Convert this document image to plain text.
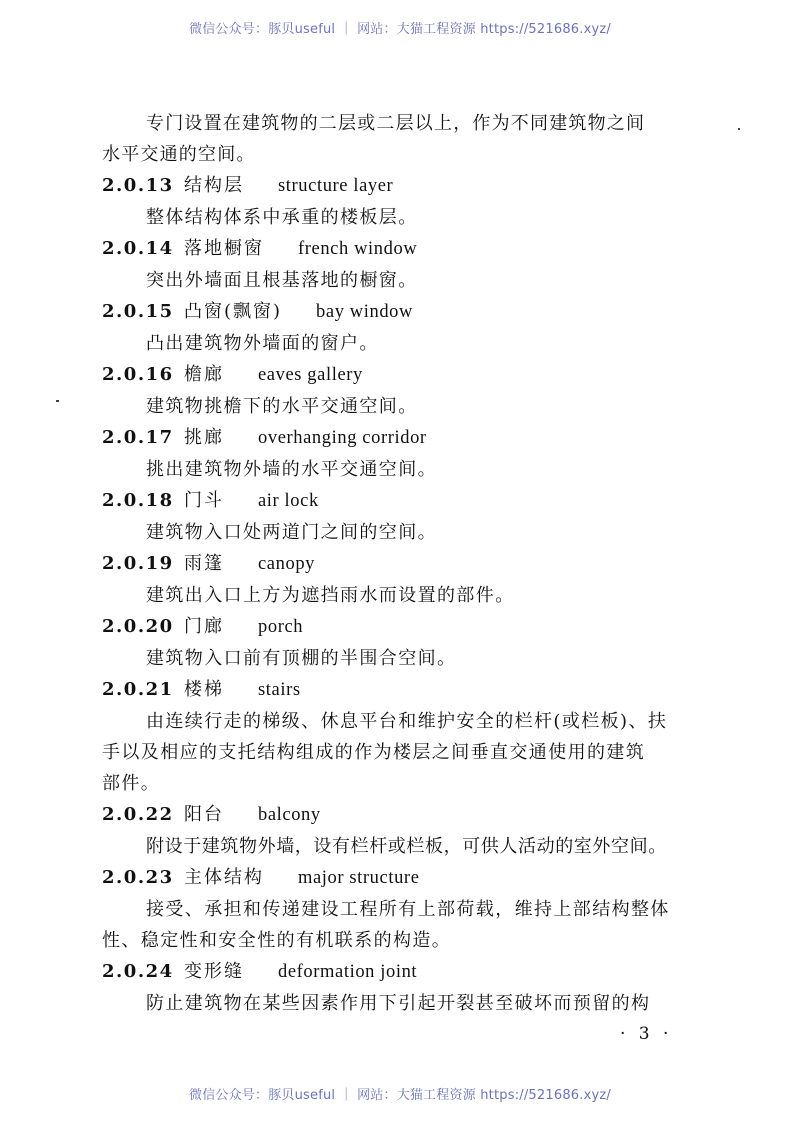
微信公众号：豚贝useful ｜ 网站：大猫工程资源 https://521686.xyz/

专门设置在建筑物的二层或二层以上，作为不同建筑物之间

水平交通的空间。

2.0.13 结构层 structure layer

整体结构体系中承重的楼板层。

2.0.14 落地橱窗 french window

突出外墙面且根基落地的橱窗。

2.0.15 凸窗(飘窗) bay window

凸出建筑物外墙面的窗户。

2.0.16 檐廊 eaves gallery

建筑物挑檐下的水平交通空间。

2.0.17 挑廊 overhanging corridor

挑出建筑物外墙的水平交通空间。

2.0.18 门斗 air lock

建筑物入口处两道门之间的空间。

2.0.19 雨篷 canopy

建筑出入口上方为遮挡雨水而设置的部件。

2.0.20 门廊 porch

建筑物入口前有顶棚的半围合空间。

2.0.21 楼梯 stairs

由连续行走的梯级、休息平台和维护安全的栏杆(或栏板)、扶

手以及相应的支托结构组成的作为楼层之间垂直交通使用的建筑

部件。

2.0.22 阳台 balcony

附设于建筑物外墙，设有栏杆或栏板，可供人活动的室外空间。

2.0.23 主体结构 major structure

接受、承担和传递建设工程所有上部荷载，维持上部结构整体

性、稳定性和安全性的有机联系的构造。

2.0.24 变形缝 deformation joint

防止建筑物在某些因素作用下引起开裂甚至破坏而预留的构

· 3 ·
微信公众号：豚贝useful ｜ 网站：大猫工程资源 https://521686.xyz/
